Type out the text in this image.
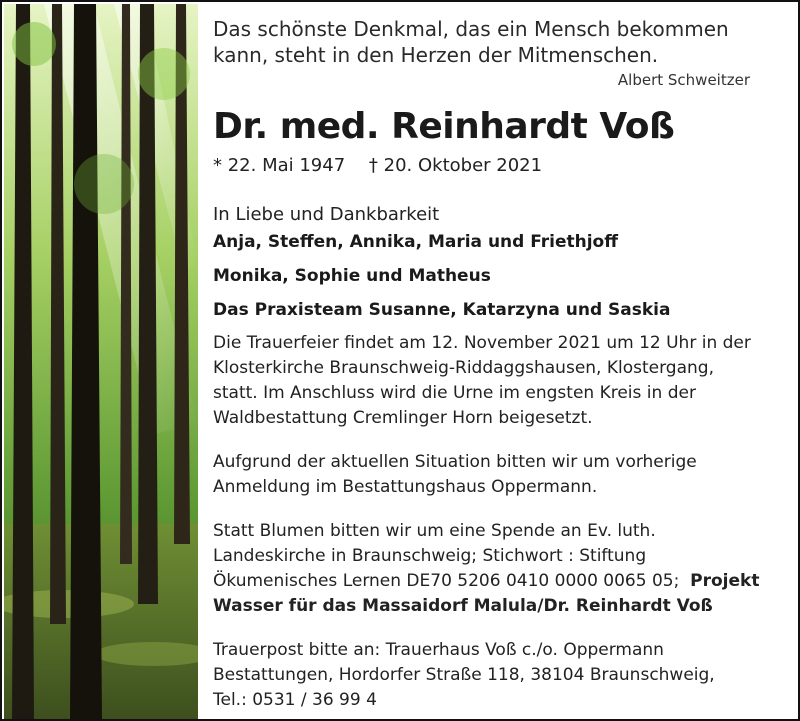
Das schönste Denkmal, das ein Mensch bekommen
kann, steht in den Herzen der Mitmenschen.
Albert Schweitzer
Dr. med. Reinhardt Voß
* 22. Mai 1947 † 20. Oktober 2021
In Liebe und Dankbarkeit
Anja, Steffen, Annika, Maria und Friethjoff
Monika, Sophie und Matheus
Das Praxisteam Susanne, Katarzyna und Saskia
Die Trauerfeier findet am 12. November 2021 um 12 Uhr in der
Klosterkirche Braunschweig-Riddaggshausen, Klostergang,
statt. Im Anschluss wird die Urne im engsten Kreis in der
Waldbestattung Cremlinger Horn beigesetzt.
Aufgrund der aktuellen Situation bitten wir um vorherige
Anmeldung im Bestattungshaus Oppermann.
Statt Blumen bitten wir um eine Spende an Ev. luth.
Landeskirche in Braunschweig; Stichwort : Stiftung
Ökumenisches Lernen DE70 5206 0410 0000 0065 05; Projekt
Wasser für das Massaidorf Malula/Dr. Reinhardt Voß
Trauerpost bitte an: Trauerhaus Voß c./o. Oppermann
Bestattungen, Hordorfer Straße 118, 38104 Braunschweig,
Tel.: 0531 / 36 99 4
